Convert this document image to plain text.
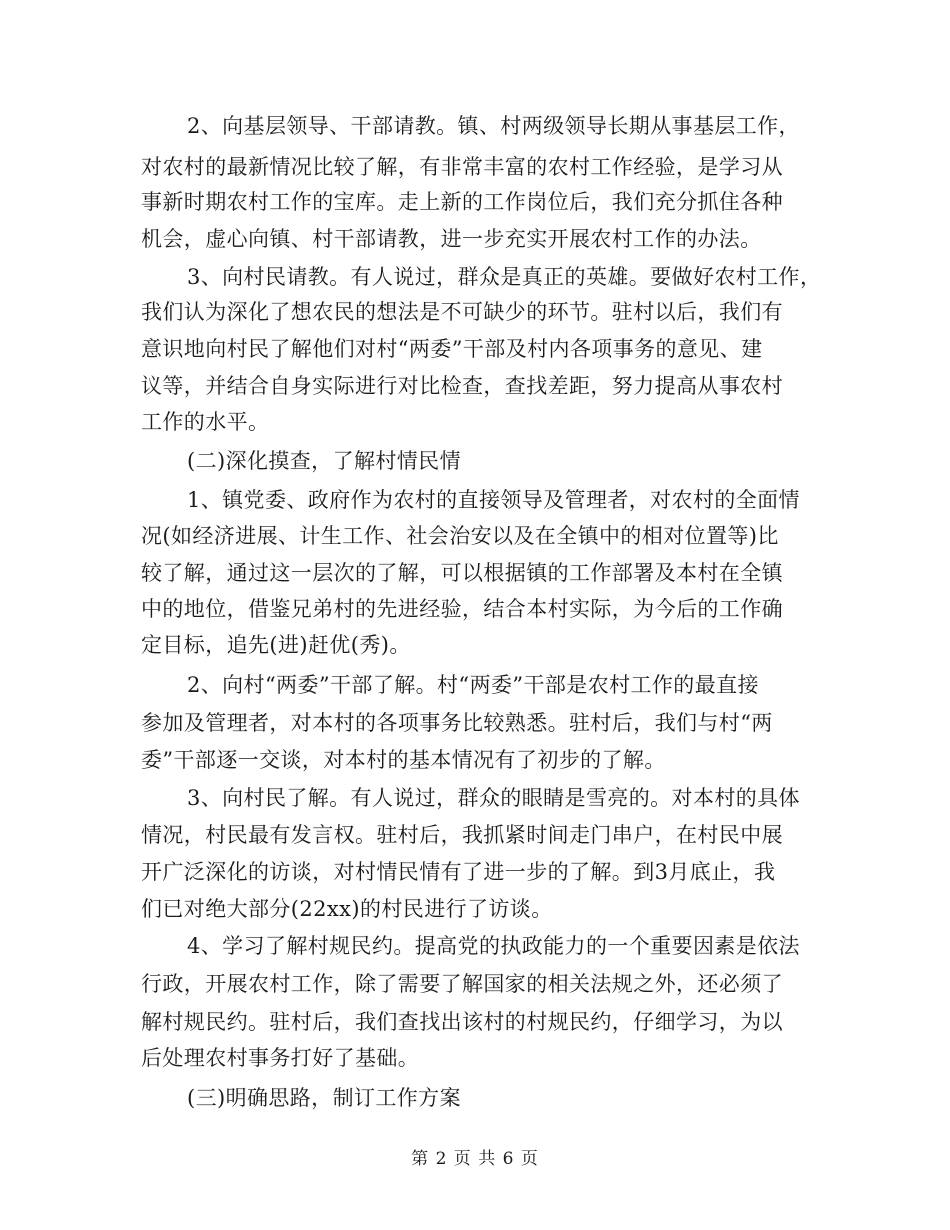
2、向基层领导、干部请教。镇、村两级领导长期从事基层工作，
对农村的最新情况比较了解，有非常丰富的农村工作经验，是学习从
事新时期农村工作的宝库。走上新的工作岗位后，我们充分抓住各种
机会，虚心向镇、村干部请教，进一步充实开展农村工作的办法。
3、向村民请教。有人说过，群众是真正的英雄。要做好农村工作，
我们认为深化了想农民的想法是不可缺少的环节。驻村以后，我们有
意识地向村民了解他们对村“两委”干部及村内各项事务的意见、建
议等，并结合自身实际进行对比检查，查找差距，努力提高从事农村
工作的水平。
(二)深化摸查，了解村情民情
1、镇党委、政府作为农村的直接领导及管理者，对农村的全面情
况(如经济进展、计生工作、社会治安以及在全镇中的相对位置等)比
较了解，通过这一层次的了解，可以根据镇的工作部署及本村在全镇
中的地位，借鉴兄弟村的先进经验，结合本村实际，为今后的工作确
定目标，追先(进)赶优(秀)。
2、向村“两委”干部了解。村“两委”干部是农村工作的最直接
参加及管理者，对本村的各项事务比较熟悉。驻村后，我们与村“两
委”干部逐一交谈，对本村的基本情况有了初步的了解。
3、向村民了解。有人说过，群众的眼睛是雪亮的。对本村的具体
情况，村民最有发言权。驻村后，我抓紧时间走门串户，在村民中展
开广泛深化的访谈，对村情民情有了进一步的了解。到3月底止，我
们已对绝大部分(22xx)的村民进行了访谈。
4、学习了解村规民约。提高党的执政能力的一个重要因素是依法
行政，开展农村工作，除了需要了解国家的相关法规之外，还必须了
解村规民约。驻村后，我们查找出该村的村规民约，仔细学习，为以
后处理农村事务打好了基础。
(三)明确思路，制订工作方案
第 2 页 共 6 页
